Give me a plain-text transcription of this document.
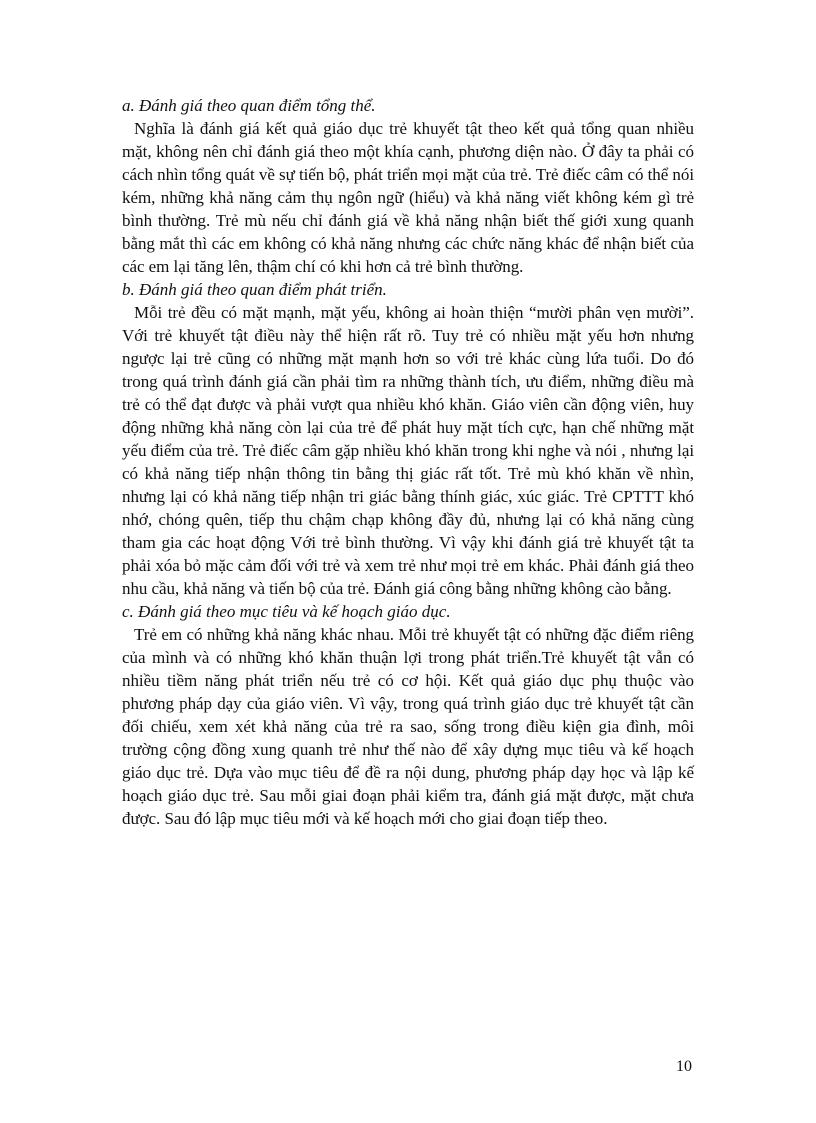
a. Đánh giá theo quan điểm tổng thể.

Nghĩa là đánh giá kết quả giáo dục trẻ khuyết tật theo kết quả tổng quan nhiều mặt, không nên chỉ đánh giá theo một khía cạnh, phương diện nào. Ở đây ta phải có cách nhìn tổng quát về sự tiến bộ, phát triển mọi mặt của trẻ. Trẻ điếc câm có thể nói kém, những khả năng cảm thụ ngôn ngữ (hiểu) và khả năng viết không kém gì trẻ bình thường. Trẻ mù nếu chỉ đánh giá về khả năng nhận biết thế giới xung quanh bằng mắt thì các em không có khả năng nhưng các chức năng khác để nhận biết của các em lại tăng lên, thậm chí có khi hơn cả trẻ bình thường.

b. Đánh giá theo quan điểm phát triển.

Mỗi trẻ đều có mặt mạnh, mặt yếu, không ai hoàn thiện “mười phân vẹn mười”. Với trẻ khuyết tật điều này thể hiện rất rõ. Tuy trẻ có nhiều mặt yếu hơn nhưng ngược lại trẻ cũng có những mặt mạnh hơn so với trẻ khác cùng lứa tuổi. Do đó trong quá trình đánh giá cần phải tìm ra những thành tích, ưu điểm, những điều mà trẻ có thể đạt được và phải vượt qua nhiều khó khăn. Giáo viên cần động viên, huy động những khả năng còn lại của trẻ để phát huy mặt tích cực, hạn chế những mặt yếu điểm của trẻ. Trẻ điếc câm gặp nhiều khó khăn trong khi nghe và nói , nhưng lại có khả năng tiếp nhận thông tin bằng thị giác rất tốt. Trẻ mù khó khăn về nhìn, nhưng lại có khả năng tiếp nhận tri giác bằng thính giác, xúc giác. Trẻ CPTTT khó nhớ, chóng quên, tiếp thu chậm chạp không đầy đủ, nhưng lại có khả năng cùng tham gia các hoạt động Với trẻ bình thường. Vì vậy khi đánh giá trẻ khuyết tật ta phải xóa bỏ mặc cảm đối với trẻ và xem trẻ như mọi trẻ em khác. Phải đánh giá theo nhu cầu, khả năng và tiến bộ của trẻ. Đánh giá công bằng những không cào bằng.

c. Đánh giá theo mục tiêu và kế hoạch giáo dục.

Trẻ em có những khả năng khác nhau. Mỗi trẻ khuyết tật có những đặc điểm riêng của mình và có những khó khăn thuận lợi trong phát triển.Trẻ khuyết tật vẫn có nhiều tiềm năng phát triển nếu trẻ có cơ hội. Kết quả giáo dục phụ thuộc vào phương pháp dạy của giáo viên. Vì vậy, trong quá trình giáo dục trẻ khuyết tật cần đối chiếu, xem xét khả năng của trẻ ra sao, sống trong điều kiện gia đình, môi trường cộng đồng xung quanh trẻ như thế nào để xây dựng mục tiêu và kế hoạch giáo dục trẻ. Dựa vào mục tiêu để đề ra nội dung, phương pháp dạy học và lập kế hoạch giáo dục trẻ. Sau mỗi giai đoạn phải kiểm tra, đánh giá mặt được, mặt chưa được. Sau đó lập mục tiêu mới và kế hoạch mới cho giai đoạn tiếp theo.

10
